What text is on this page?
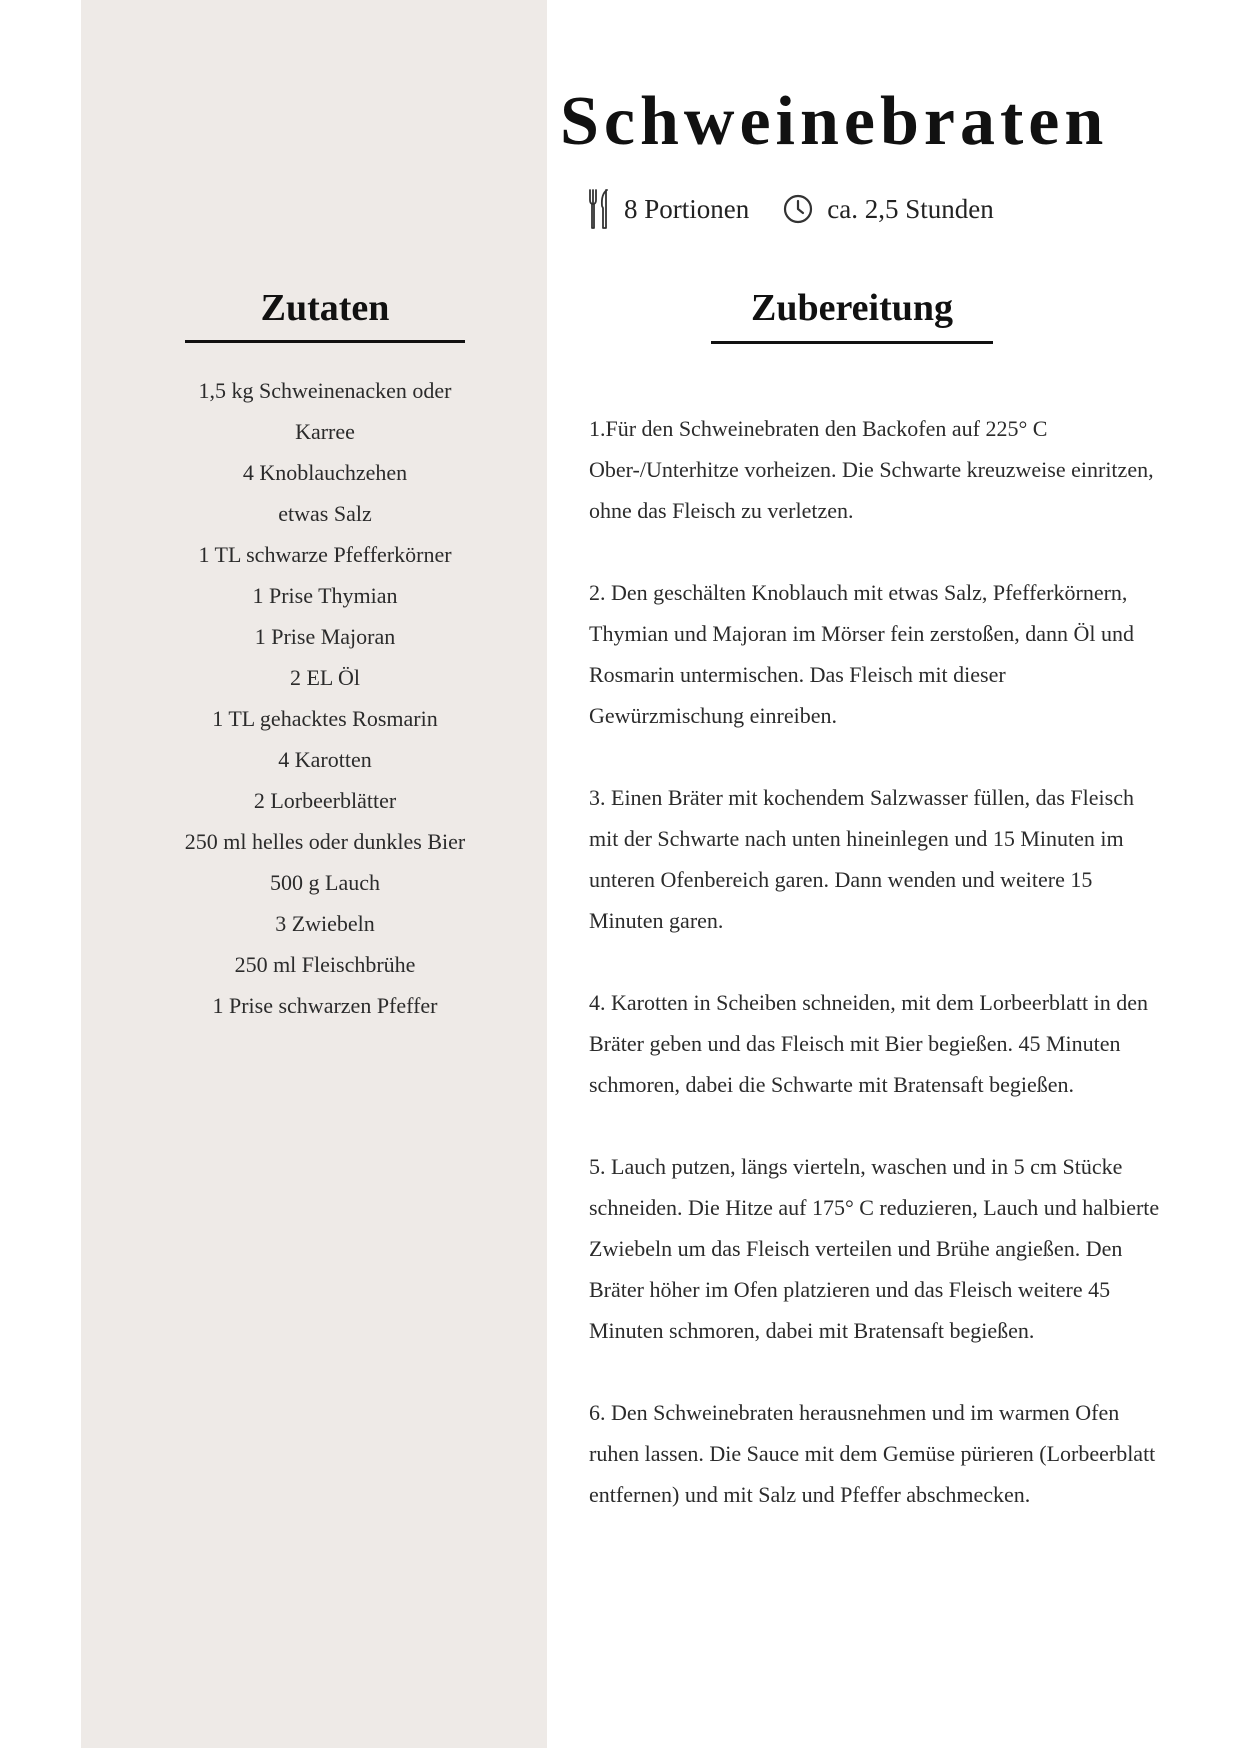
Schweinebraten
8 Portionen	ca. 2,5 Stunden
Zutaten	Zubereitung
1,5 kg Schweinenacken oder
Karree
4 Knoblauchzehen
etwas Salz
1 TL schwarze Pfefferkörner
1 Prise Thymian
1 Prise Majoran
2 EL Öl
1 TL gehacktes Rosmarin
4 Karotten
2 Lorbeerblätter
250 ml helles oder dunkles Bier
500 g Lauch
3 Zwiebeln
250 ml Fleischbrühe
1 Prise schwarzen Pfeffer

1.Für den Schweinebraten den Backofen auf 225° C Ober-/Unterhitze vorheizen. Die Schwarte kreuzweise einritzen, ohne das Fleisch zu verletzen.

2. Den geschälten Knoblauch mit etwas Salz, Pfefferkörnern, Thymian und Majoran im Mörser fein zerstoßen, dann Öl und Rosmarin untermischen. Das Fleisch mit dieser Gewürzmischung einreiben.

3. Einen Bräter mit kochendem Salzwasser füllen, das Fleisch mit der Schwarte nach unten hineinlegen und 15 Minuten im unteren Ofenbereich garen. Dann wenden und weitere 15 Minuten garen.

4. Karotten in Scheiben schneiden, mit dem Lorbeerblatt in den Bräter geben und das Fleisch mit Bier begießen. 45 Minuten schmoren, dabei die Schwarte mit Bratensaft begießen.

5. Lauch putzen, längs vierteln, waschen und in 5 cm Stücke schneiden. Die Hitze auf 175° C reduzieren, Lauch und halbierte Zwiebeln um das Fleisch verteilen und Brühe angießen. Den Bräter höher im Ofen platzieren und das Fleisch weitere 45 Minuten schmoren, dabei mit Bratensaft begießen.

6. Den Schweinebraten herausnehmen und im warmen Ofen ruhen lassen. Die Sauce mit dem Gemüse pürieren (Lorbeerblatt entfernen) und mit Salz und Pfeffer abschmecken.
